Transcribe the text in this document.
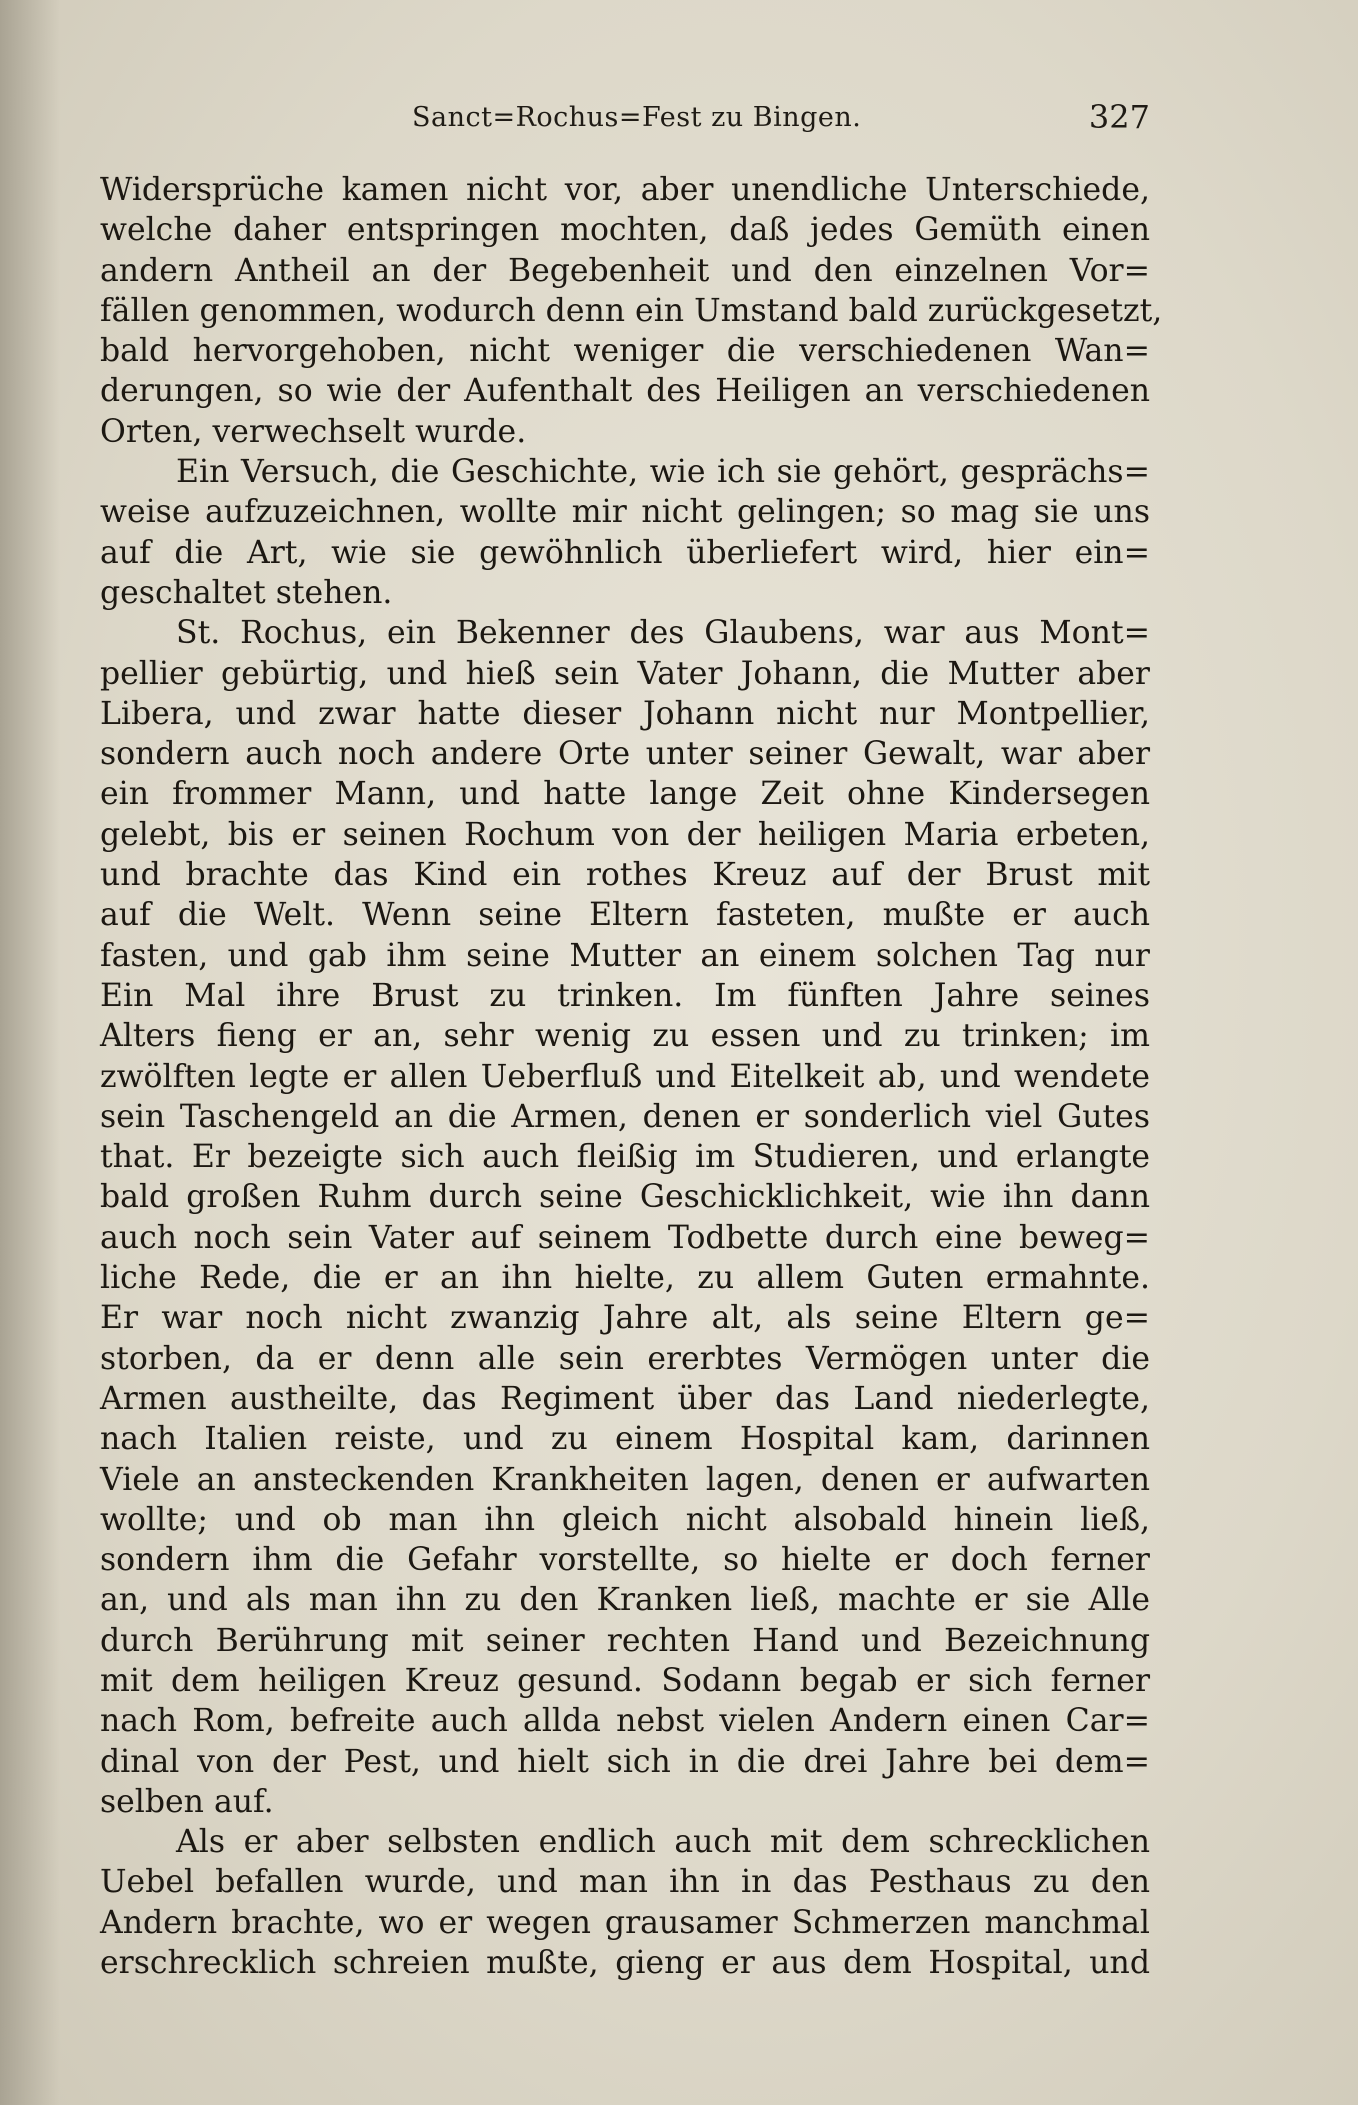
Sanct=Rochus=Fest zu Bingen.	327

Widersprüche kamen nicht vor, aber unendliche Unterschiede,
welche daher entspringen mochten, daß jedes Gemüth einen
andern Antheil an der Begebenheit und den einzelnen Vor=
fällen genommen, wodurch denn ein Umstand bald zurückgesetzt,
bald hervorgehoben, nicht weniger die verschiedenen Wan=
derungen, so wie der Aufenthalt des Heiligen an verschiedenen
Orten, verwechselt wurde.

Ein Versuch, die Geschichte, wie ich sie gehört, gesprächs=
weise aufzuzeichnen, wollte mir nicht gelingen; so mag sie uns
auf die Art, wie sie gewöhnlich überliefert wird, hier ein=
geschaltet stehen.

St. Rochus, ein Bekenner des Glaubens, war aus Mont=
pellier gebürtig, und hieß sein Vater Johann, die Mutter aber
Libera, und zwar hatte dieser Johann nicht nur Montpellier,
sondern auch noch andere Orte unter seiner Gewalt, war aber
ein frommer Mann, und hatte lange Zeit ohne Kindersegen
gelebt, bis er seinen Rochum von der heiligen Maria erbeten,
und brachte das Kind ein rothes Kreuz auf der Brust mit
auf die Welt. Wenn seine Eltern fasteten, mußte er auch
fasten, und gab ihm seine Mutter an einem solchen Tag nur
Ein Mal ihre Brust zu trinken. Im fünften Jahre seines
Alters fieng er an, sehr wenig zu essen und zu trinken; im
zwölften legte er allen Ueberfluß und Eitelkeit ab, und wendete
sein Taschengeld an die Armen, denen er sonderlich viel Gutes
that. Er bezeigte sich auch fleißig im Studieren, und erlangte
bald großen Ruhm durch seine Geschicklichkeit, wie ihn dann
auch noch sein Vater auf seinem Todbette durch eine beweg=
liche Rede, die er an ihn hielte, zu allem Guten ermahnte.
Er war noch nicht zwanzig Jahre alt, als seine Eltern ge=
storben, da er denn alle sein ererbtes Vermögen unter die
Armen austheilte, das Regiment über das Land niederlegte,
nach Italien reiste, und zu einem Hospital kam, darinnen
Viele an ansteckenden Krankheiten lagen, denen er aufwarten
wollte; und ob man ihn gleich nicht alsobald hinein ließ,
sondern ihm die Gefahr vorstellte, so hielte er doch ferner
an, und als man ihn zu den Kranken ließ, machte er sie Alle
durch Berührung mit seiner rechten Hand und Bezeichnung
mit dem heiligen Kreuz gesund. Sodann begab er sich ferner
nach Rom, befreite auch allda nebst vielen Andern einen Car=
dinal von der Pest, und hielt sich in die drei Jahre bei dem=
selben auf.

Als er aber selbsten endlich auch mit dem schrecklichen
Uebel befallen wurde, und man ihn in das Pesthaus zu den
Andern brachte, wo er wegen grausamer Schmerzen manchmal
erschrecklich schreien mußte, gieng er aus dem Hospital, und
